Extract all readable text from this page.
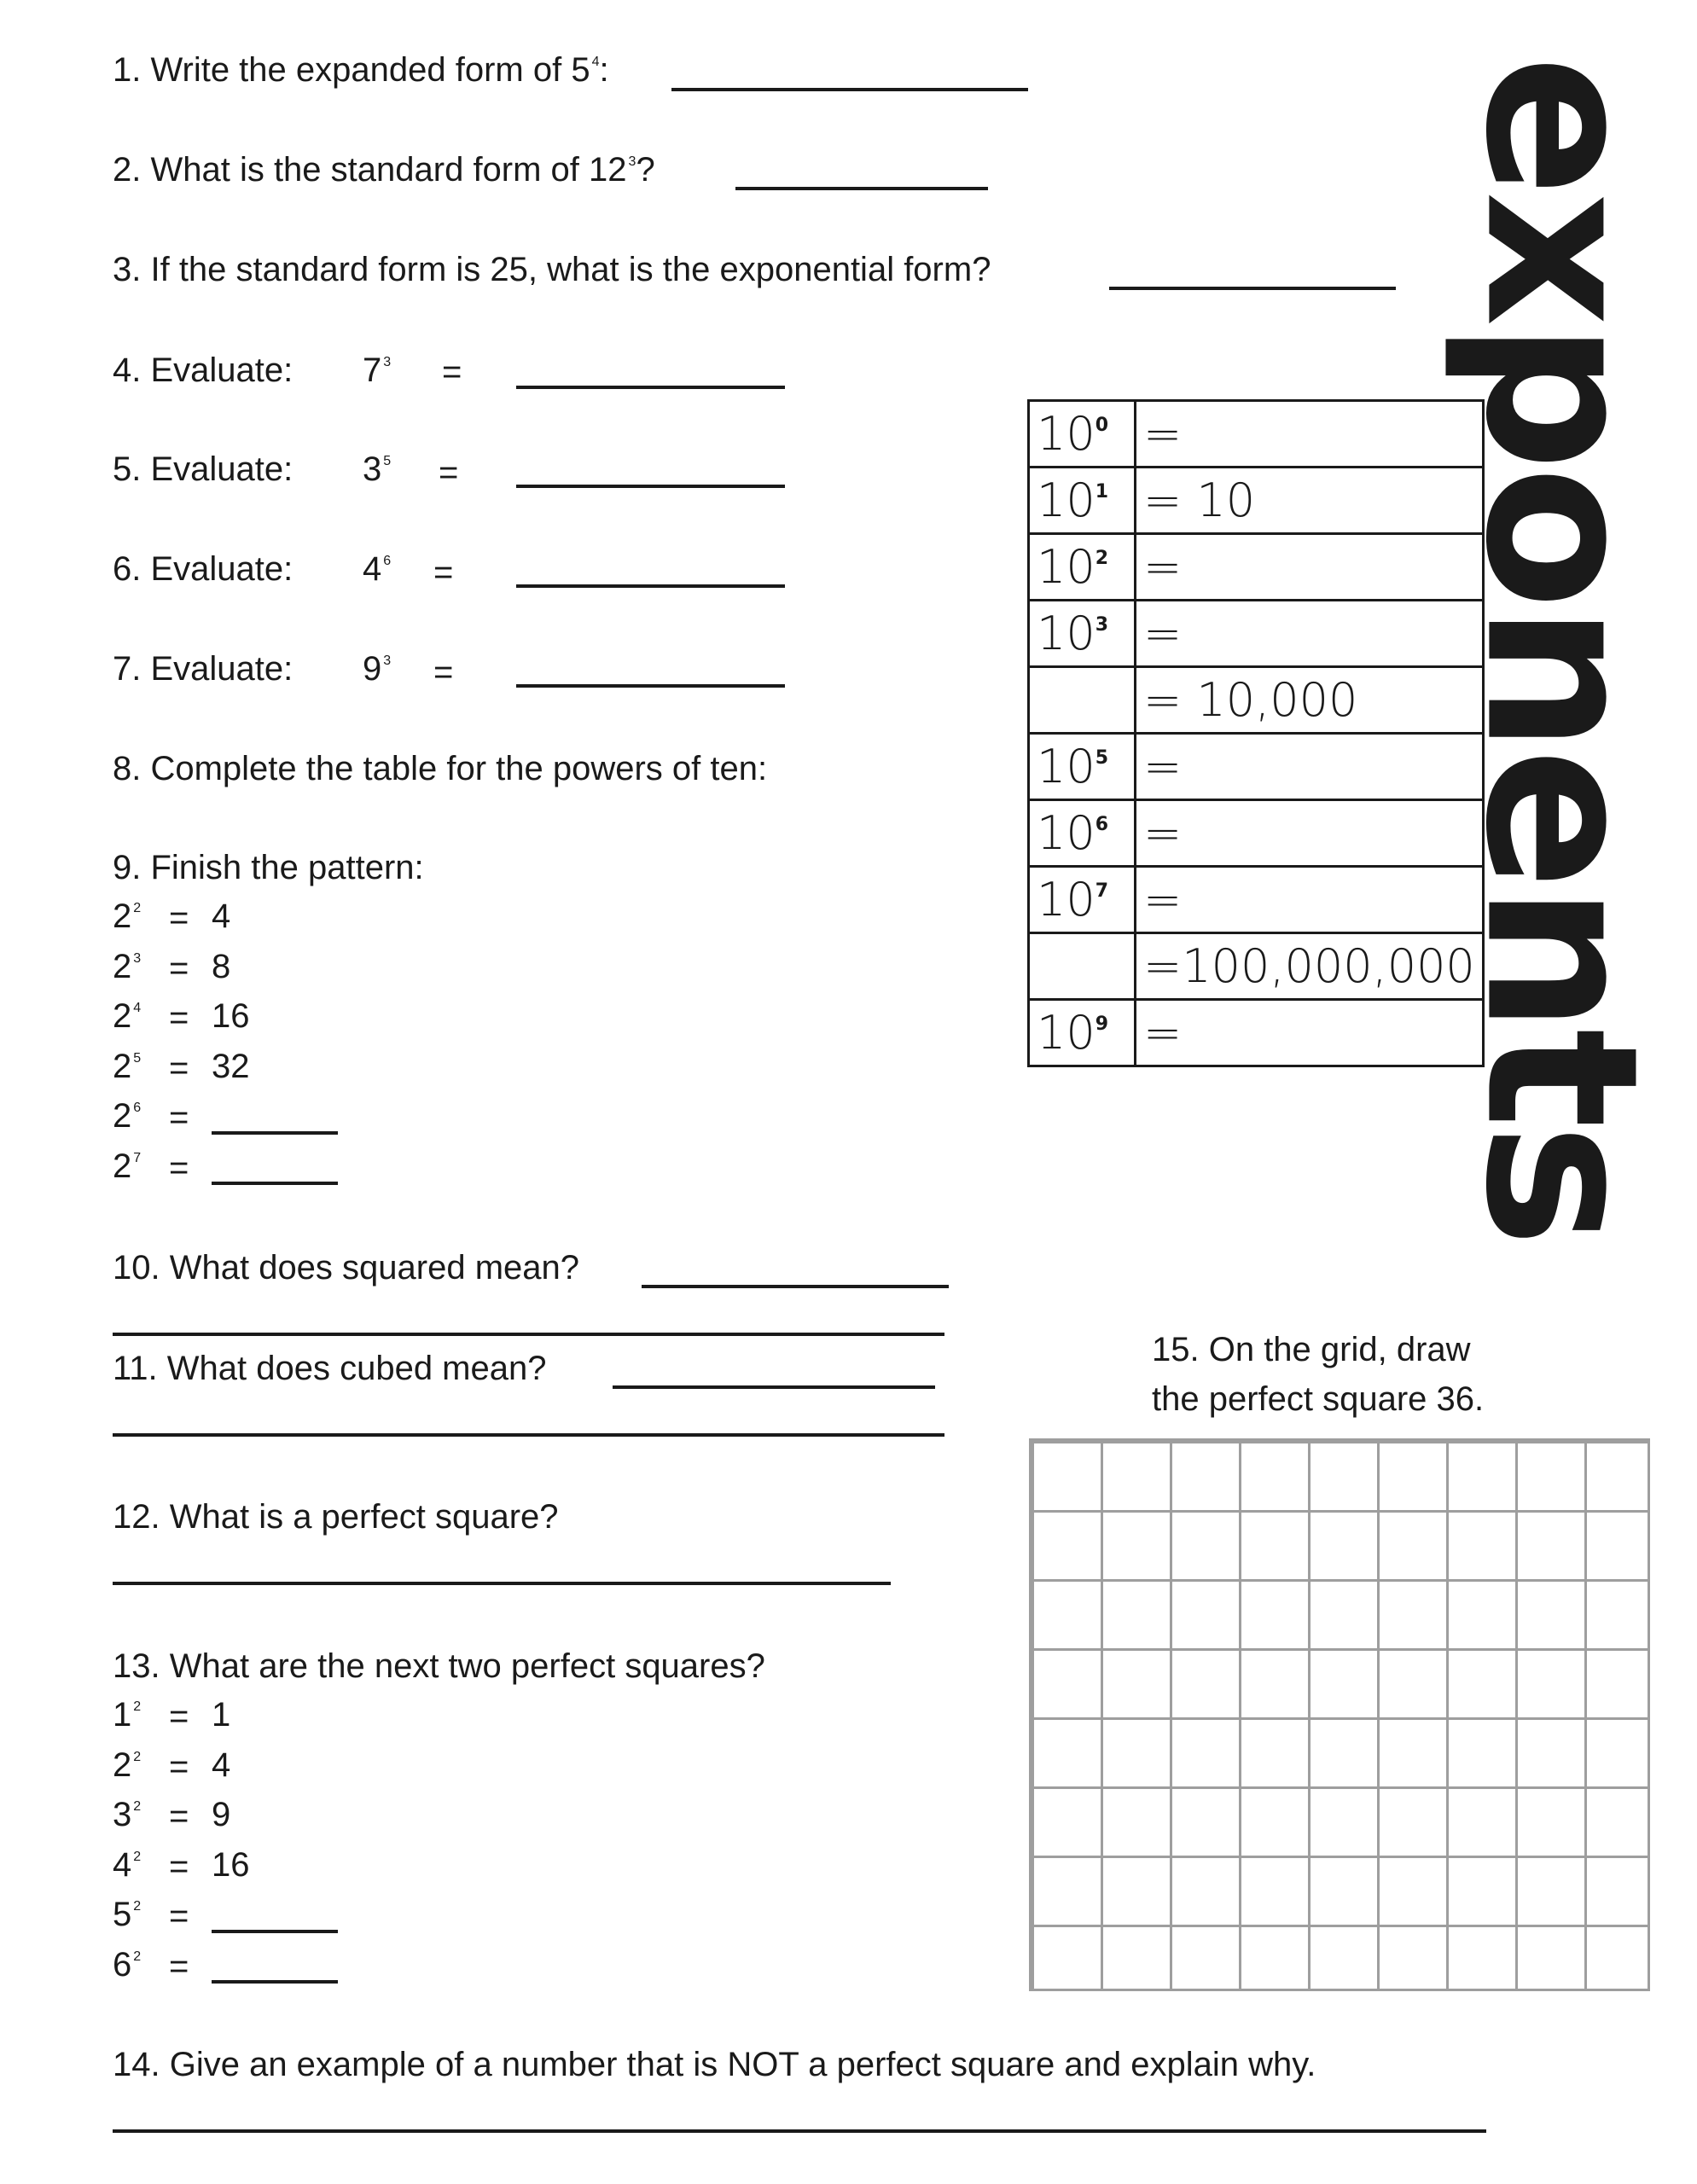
1. Write the expanded form of 5 $^4$:
2. What is the standard form of 12 $^3$?
3. If the standard form is 25, what is the exponential form?
4. Evaluate: 7 $^3$ =
5. Evaluate: 3 $^5$ =
6. Evaluate: 4 $^6$ =
7. Evaluate: 9 $^3$ =
8. Complete the table for the powers of ten:
9. Finish the pattern:
2 $^2$ = 4
2 $^3$ = 8
2 $^4$ = 16
2 $^5$ = 32
2 $^6$ =
2 $^7$ =
10. What does squared mean?
11. What does cubed mean?
12. What is a perfect square?
13. What are the next two perfect squares?
1 $^2$ = 1
2 $^2$ = 4
3 $^2$ = 9
4 $^2$ = 16
5 $^2$ =
6 $^2$ =
14. Give an example of a number that is NOT a perfect square and explain why.
15. On the grid, draw
the perfect square 36.
$10^0$	=
$10^1$	= 10
$10^2$	=
$10^3$	=
	= 10,000
$10^5$	=
$10^6$	=
$10^7$	=
	=100,000,000
$10^9$	= exponents
